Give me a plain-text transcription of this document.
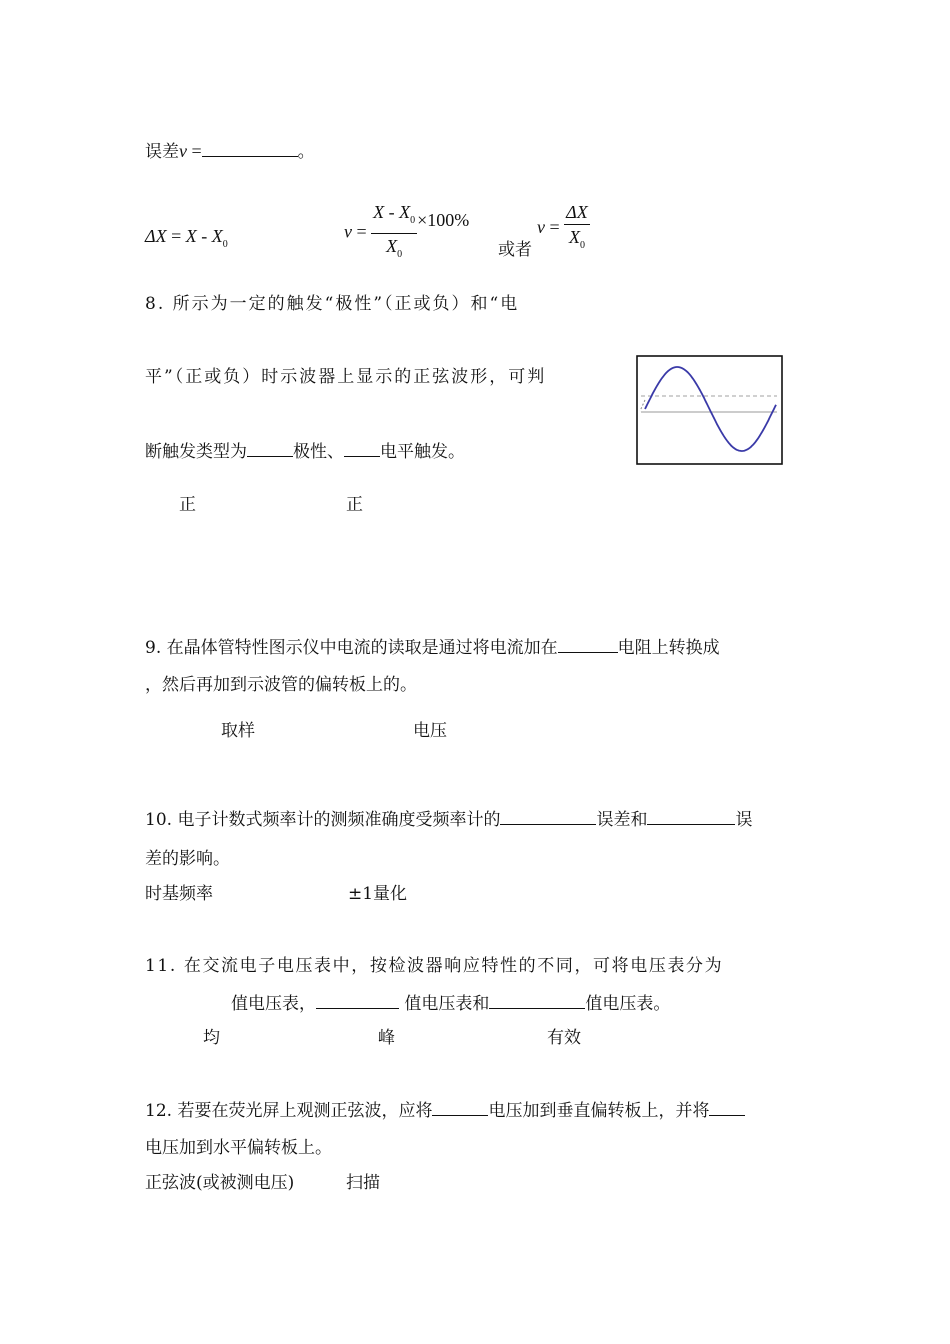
误差ν =	。
$\Delta X = X - X_0$
$\nu = \frac{X - X_0}{X_0} \times 100\%$
或者
$\nu = \frac{\Delta X}{X_0}$
8. 所示为一定的触发“极性”（正或负）和“电
平”（正或负）时示波器上显示的正弦波形，可判
断触发类型为	极性、 电平触发。
正	正
9. 在晶体管特性图示仪中电流的读取是通过将电流加在	电阻上转换成
，然后再加到示波管的偏转板上的。
取样	电压
10. 电子计数式频率计的测频准确度受频率计的	误差和	误
差的影响。
时基频率	±1量化
11. 在交流电子电压表中，按检波器响应特性的不同，可将电压表分为
值电压表，	值电压表和	值电压表。
均	峰	有效
12. 若要在荧光屏上观测正弦波，应将	电压加到垂直偏转板上，并将
电压加到水平偏转板上。
正弦波(或被测电压)	扫描
